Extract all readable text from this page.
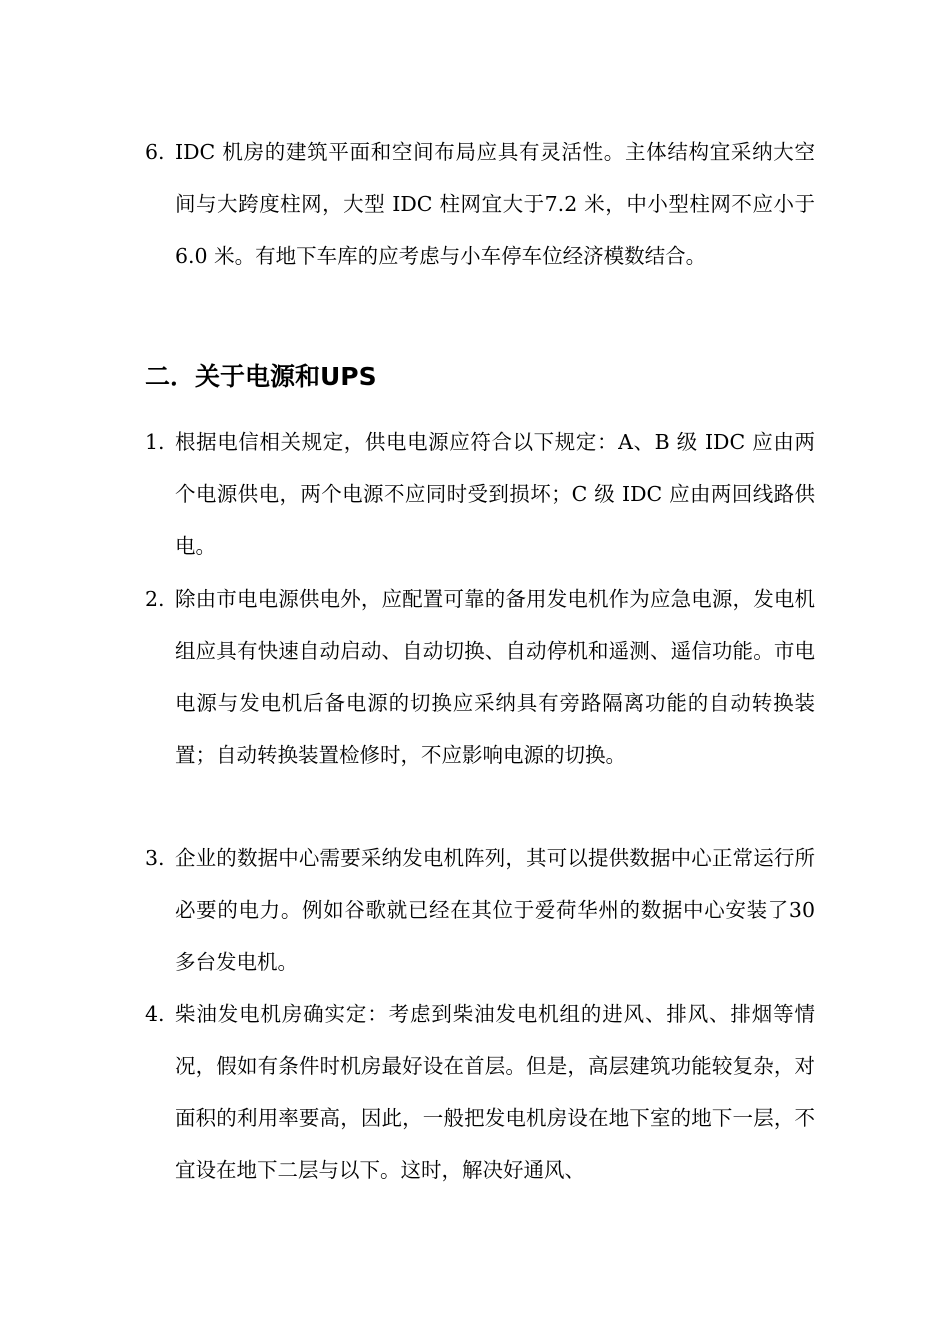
6. IDC 机房的建筑平面和空间布局应具有灵活性。主体结构宜采纳大空间与大跨度柱网，大型 IDC 柱网宜大于7.2 米，中小型柱网不应小于6.0 米。有地下车库的应考虑与小车停车位经济模数结合。
二．关于电源和UPS
1. 根据电信相关规定，供电电源应符合以下规定：A、B 级 IDC 应由两个电源供电，两个电源不应同时受到损坏；C 级 IDC 应由两回线路供电。
2. 除由市电电源供电外，应配置可靠的备用发电机作为应急电源，发电机组应具有快速自动启动、自动切换、自动停机和遥测、遥信功能。市电电源与发电机后备电源的切换应采纳具有旁路隔离功能的自动转换装置；自动转换装置检修时，不应影响电源的切换。
3. 企业的数据中心需要采纳发电机阵列，其可以提供数据中心正常运行所必要的电力。例如谷歌就已经在其位于爱荷华州的数据中心安装了30多台发电机。
4. 柴油发电机房确实定：考虑到柴油发电机组的进风、排风、排烟等情况，假如有条件时机房最好设在首层。但是，高层建筑功能较复杂，对面积的利用率要高，因此，一般把发电机房设在地下室的地下一层，不宜设在地下二层与以下。这时，解决好通风、
